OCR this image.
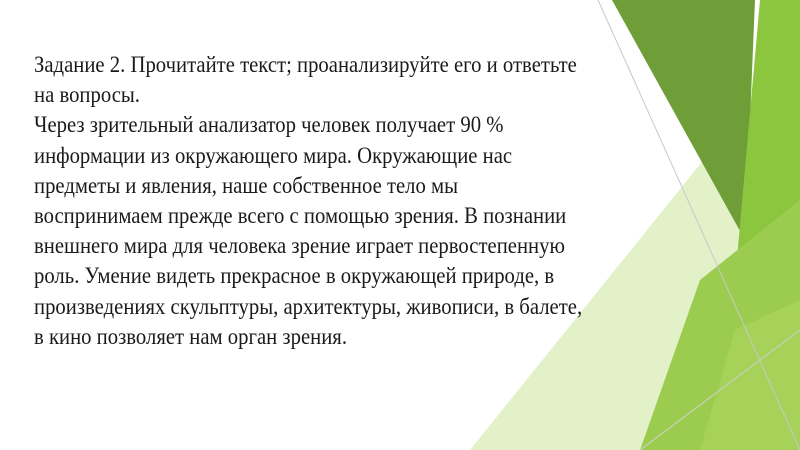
Задание 2. Прочитайте текст; проанализируйте его и ответьте на вопросы.

Через зрительный анализатор человек получает 90 % информации из окружающего мира. Окружающие нас предметы и явления, наше собственное тело мы воспринимаем прежде всего с помощью зрения. В познании внешнего мира для человека зрение играет первостепенную роль. Умение видеть прекрасное в окружающей природе, в произведениях скульптуры, архитектуры, живописи, в балете, в кино позволяет нам орган зрения.
